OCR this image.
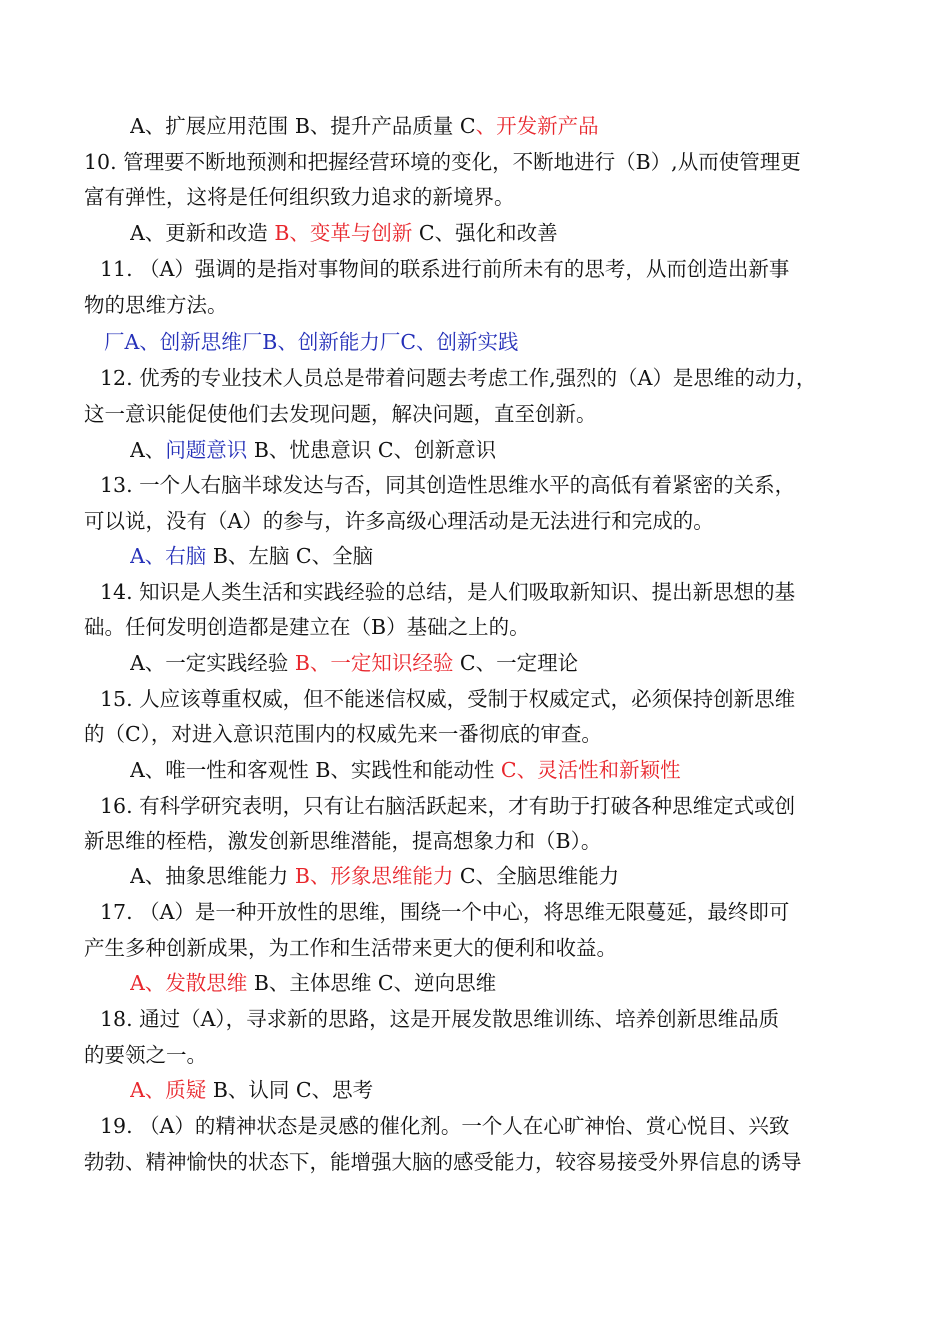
A、扩展应用范围 B、提升产品质量 C、开发新产品
10. 管理要不断地预测和把握经营环境的变化，不断地进行（B）,从而使管理更
富有弹性，这将是任何组织致力追求的新境界。
A、更新和改造 B、变革与创新 C、强化和改善
11. （A）强调的是指对事物间的联系进行前所未有的思考，从而创造出新事
物的思维方法。
厂A、创新思维厂B、创新能力厂C、创新实践
12. 优秀的专业技术人员总是带着问题去考虑工作,强烈的（A）是思维的动力，
这一意识能促使他们去发现问题，解决问题，直至创新。
A、问题意识 B、忧患意识 C、创新意识
13. 一个人右脑半球发达与否，同其创造性思维水平的高低有着紧密的关系，
可以说，没有（A）的参与，许多高级心理活动是无法进行和完成的。
A、右脑 B、左脑 C、全脑
14. 知识是人类生活和实践经验的总结，是人们吸取新知识、提出新思想的基
础。任何发明创造都是建立在（B）基础之上的。
A、一定实践经验 B、一定知识经验 C、一定理论
15. 人应该尊重权威，但不能迷信权威，受制于权威定式，必须保持创新思维
的（C），对进入意识范围内的权威先来一番彻底的审查。
A、唯一性和客观性 B、实践性和能动性 C、灵活性和新颖性
16. 有科学研究表明，只有让右脑活跃起来，才有助于打破各种思维定式或创
新思维的桎梏，激发创新思维潜能，提高想象力和（B）。
A、抽象思维能力 B、形象思维能力 C、全脑思维能力
17. （A）是一种开放性的思维，围绕一个中心，将思维无限蔓延，最终即可
产生多种创新成果，为工作和生活带来更大的便利和收益。
A、发散思维 B、主体思维 C、逆向思维
18. 通过（A），寻求新的思路，这是开展发散思维训练、培养创新思维品质
的要领之一。
A、质疑 B、认同 C、思考
19. （A）的精神状态是灵感的催化剂。一个人在心旷神怡、赏心悦目、兴致
勃勃、精神愉快的状态下，能增强大脑的感受能力，较容易接受外界信息的诱导
